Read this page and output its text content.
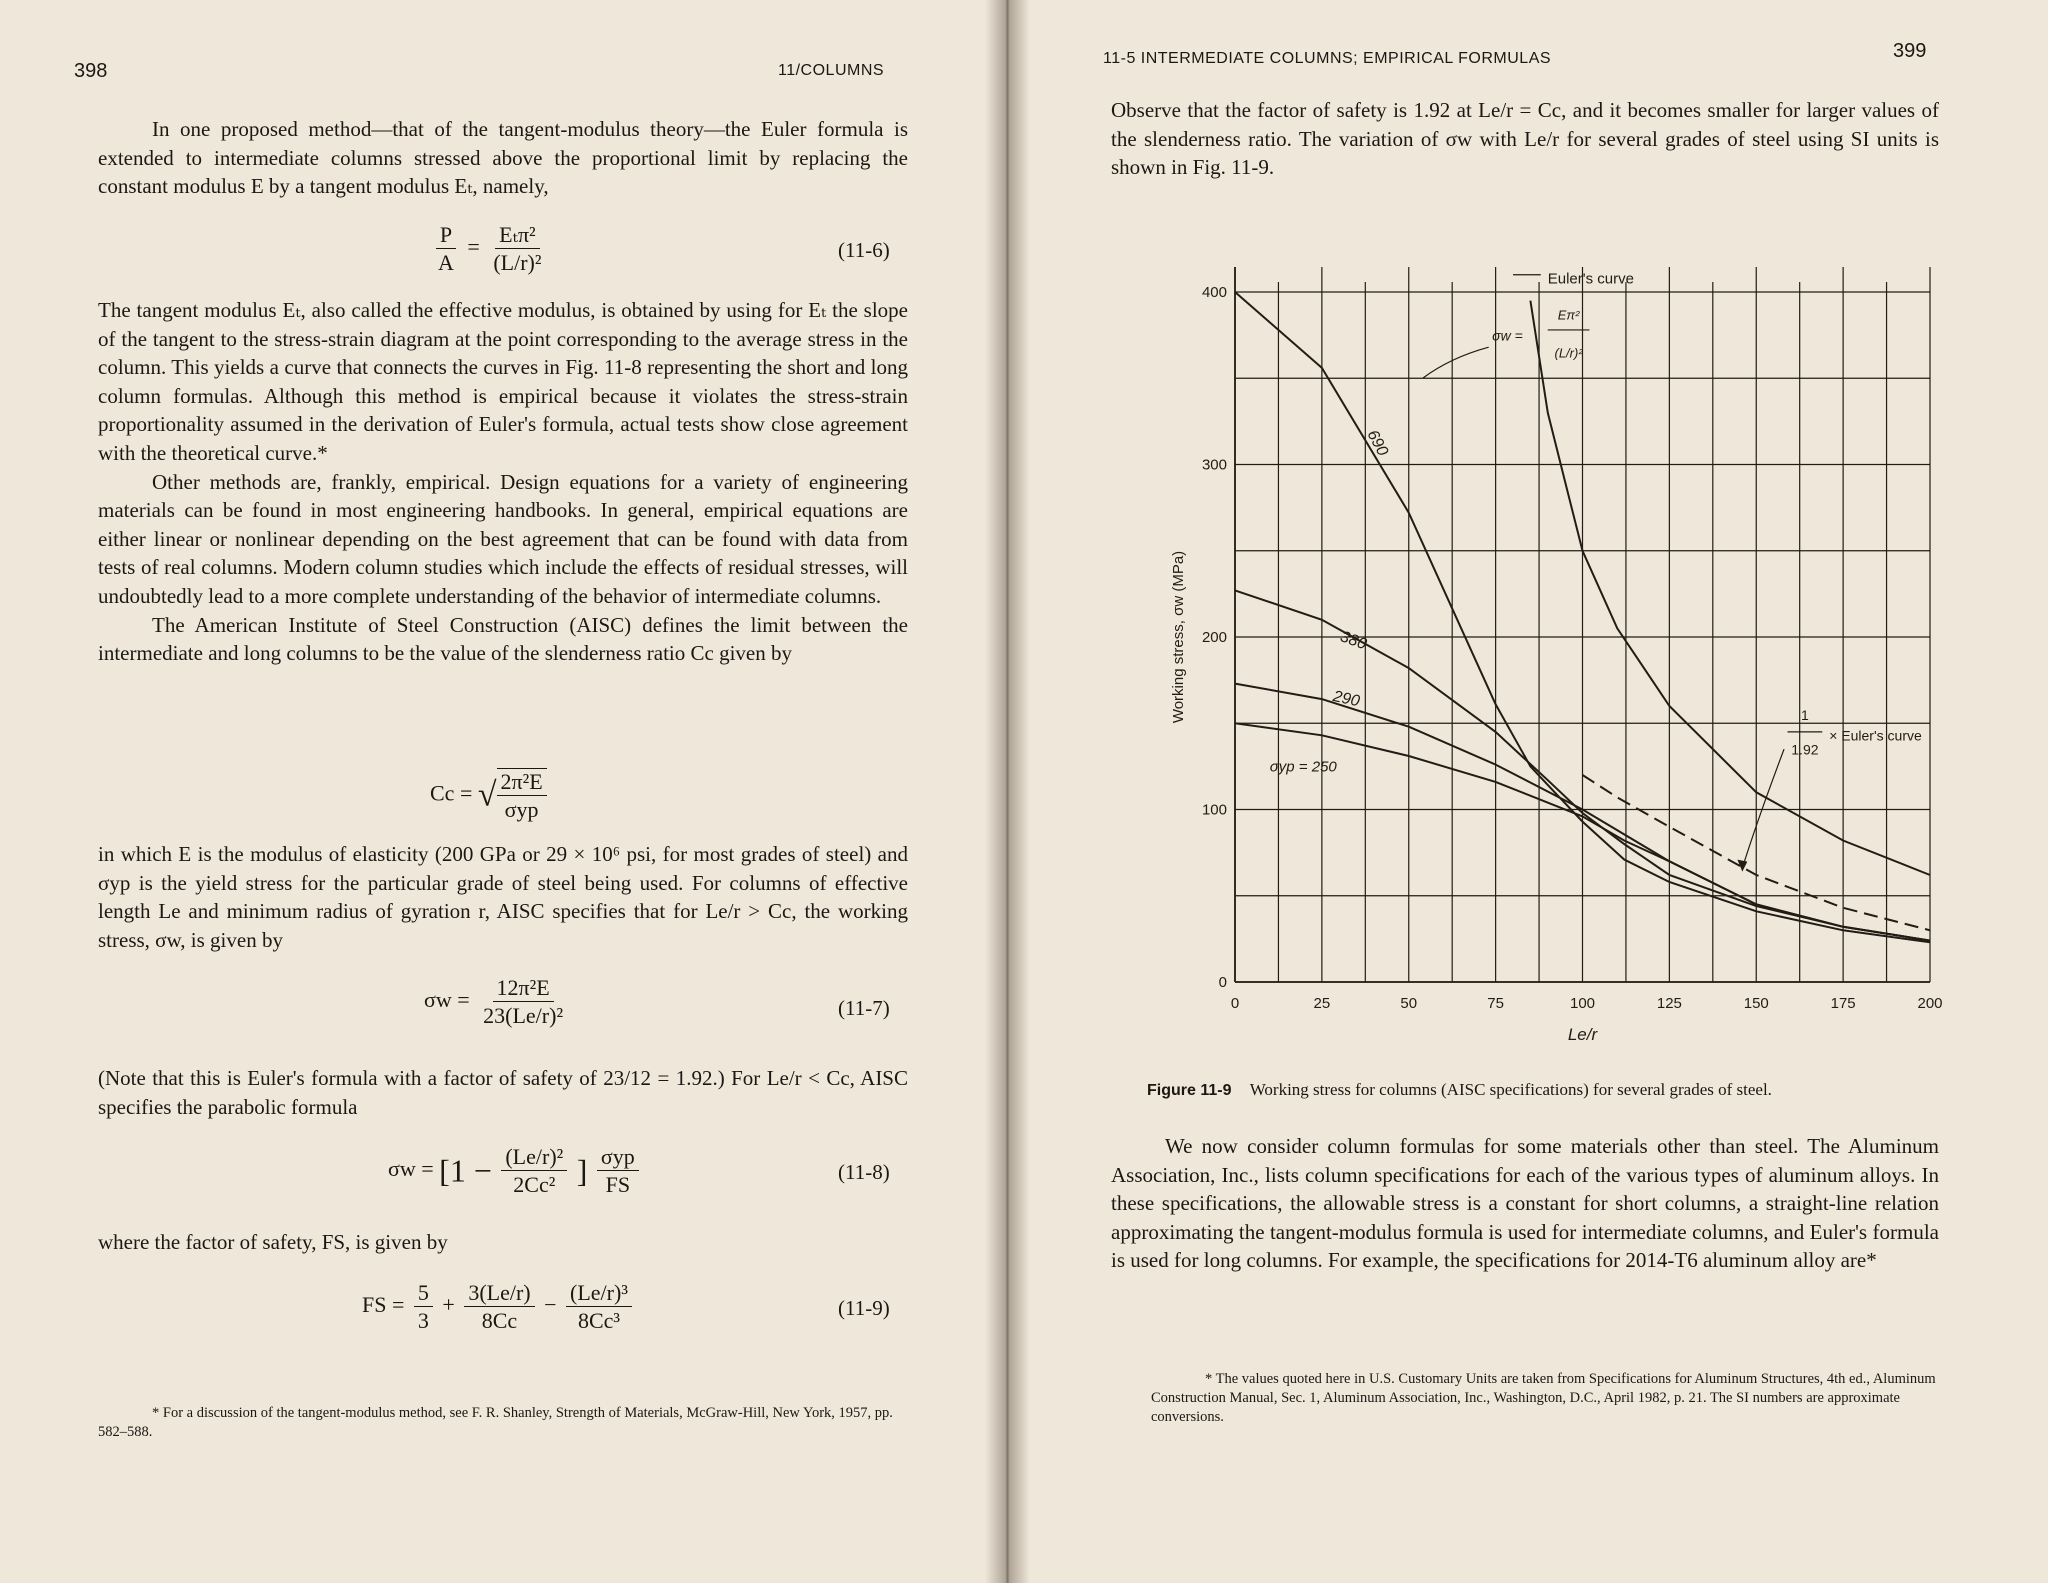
398	11/COLUMNS

In one proposed method—that of the tangent-modulus theory—the Euler formula is extended to intermediate columns stressed above the proportional limit by replacing the constant modulus E by a tangent modulus Eₜ, namely,

$\frac{P}{A} = \frac{\text{Eₜπ²}}{\text{(L/r)²}}$	(11-6)

The tangent modulus Eₜ, also called the effective modulus, is obtained by using for Eₜ the slope of the tangent to the stress-strain diagram at the point corresponding to the average stress in the column. This yields a curve that connects the curves in Fig. 11-8 representing the short and long column formulas. Although this method is empirical because it violates the stress-strain proportionality assumed in the derivation of Euler's formula, actual tests show close agreement with the theoretical curve.*

Other methods are, frankly, empirical. Design equations for a variety of engineering materials can be found in most engineering handbooks. In general, empirical equations are either linear or nonlinear depending on the best agreement that can be found with data from tests of real columns. Modern column studies which include the effects of residual stresses, will undoubtedly lead to a more complete understanding of the behavior of intermediate columns.

The American Institute of Steel Construction (AISC) defines the limit between the intermediate and long columns to be the value of the slenderness ratio Cc given by

Cc = √ $\frac{\text{2π²E}}{\text{σyp}}$

in which E is the modulus of elasticity (200 GPa or 29 × 10⁶ psi, for most grades of steel) and σyp is the yield stress for the particular grade of steel being used. For columns of effective length Le and minimum radius of gyration r, AISC specifies that for Le/r > Cc, the working stress, σw, is given by

$\sigma w = \frac{\text{12π²E}}{\text{23(Le/r)²}}$	(11-7)

(Note that this is Euler's formula with a factor of safety of 23/12 = 1.92.) For Le/r < Cc, AISC specifies the parabolic formula

$\sigma w = [1 - \frac{\text{(Le/r)²}}{\text{2Cc²}}$ ] $\frac{\text{σyp}}{FS}$	(11-8)

where the factor of safety, FS, is given by

FS = $\frac{5}{3} + \frac{3(Le/r)}{8Cc} - \frac{\text{(Le/r)³}}{\text{8Cc³}}$	(11-9)
* For a discussion of the tangent-modulus method, see F. R. Shanley, Strength of Materials, McGraw-Hill, New York, 1957, pp. 582–588.
11-5 INTERMEDIATE COLUMNS; EMPIRICAL FORMULAS	399

Observe that the factor of safety is 1.92 at Le/r = Cc, and it becomes smaller for larger values of the slenderness ratio. The variation of σw with Le/r for several grades of steel using SI units is shown in Fig. 11-9.

0	25	50	75	100	125	150	175	200
0
100
200
300
400
Working stress, σw (MPa)
Le/r
690
380
290
σyp = 250
Euler's curve
σw =
Eπ²
(L/r)²
1
1.92
× Euler's curve
Figure 11-9 Working stress for columns (AISC specifications) for several grades of steel.

We now consider column formulas for some materials other than steel. The Aluminum Association, Inc., lists column specifications for each of the various types of aluminum alloys. In these specifications, the allowable stress is a constant for short columns, a straight-line relation approximating the tangent-modulus formula is used for intermediate columns, and Euler's formula is used for long columns. For example, the specifications for 2014-T6 aluminum alloy are*

* The values quoted here in U.S. Customary Units are taken from Specifications for Aluminum Structures, 4th ed., Aluminum Construction Manual, Sec. 1, Aluminum Association, Inc., Washington, D.C., April 1982, p. 21. The SI numbers are approximate conversions.
